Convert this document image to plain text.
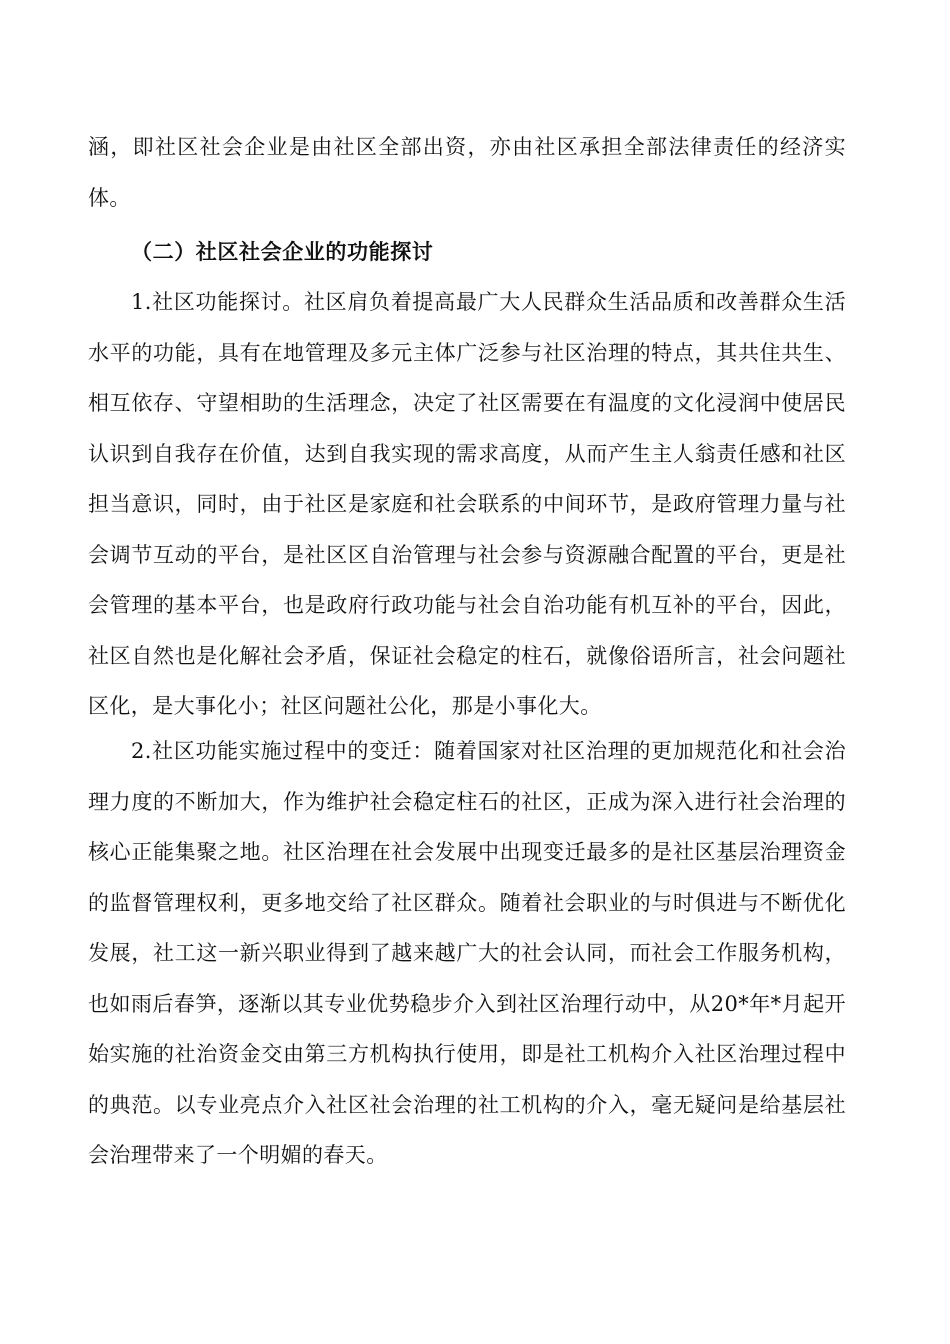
涵，即社区社会企业是由社区全部出资，亦由社区承担全部法律责任的经济实体。

（二）社区社会企业的功能探讨

1.社区功能探讨。社区肩负着提高最广大人民群众生活品质和改善群众生活水平的功能，具有在地管理及多元主体广泛参与社区治理的特点，其共住共生、相互依存、守望相助的生活理念，决定了社区需要在有温度的文化浸润中使居民认识到自我存在价值，达到自我实现的需求高度，从而产生主人翁责任感和社区担当意识，同时，由于社区是家庭和社会联系的中间环节，是政府管理力量与社会调节互动的平台，是社区区自治管理与社会参与资源融合配置的平台，更是社会管理的基本平台，也是政府行政功能与社会自治功能有机互补的平台，因此，社区自然也是化解社会矛盾，保证社会稳定的柱石，就像俗语所言，社会问题社区化，是大事化小；社区问题社公化，那是小事化大。

2.社区功能实施过程中的变迁：随着国家对社区治理的更加规范化和社会治理力度的不断加大，作为维护社会稳定柱石的社区，正成为深入进行社会治理的核心正能集聚之地。社区治理在社会发展中出现变迁最多的是社区基层治理资金的监督管理权利，更多地交给了社区群众。随着社会职业的与时俱进与不断优化发展，社工这一新兴职业得到了越来越广大的社会认同，而社会工作服务机构，也如雨后春笋，逐渐以其专业优势稳步介入到社区治理行动中，从20*年*月起开始实施的社治资金交由第三方机构执行使用，即是社工机构介入社区治理过程中的典范。以专业亮点介入社区社会治理的社工机构的介入，毫无疑问是给基层社会治理带来了一个明媚的春天。
